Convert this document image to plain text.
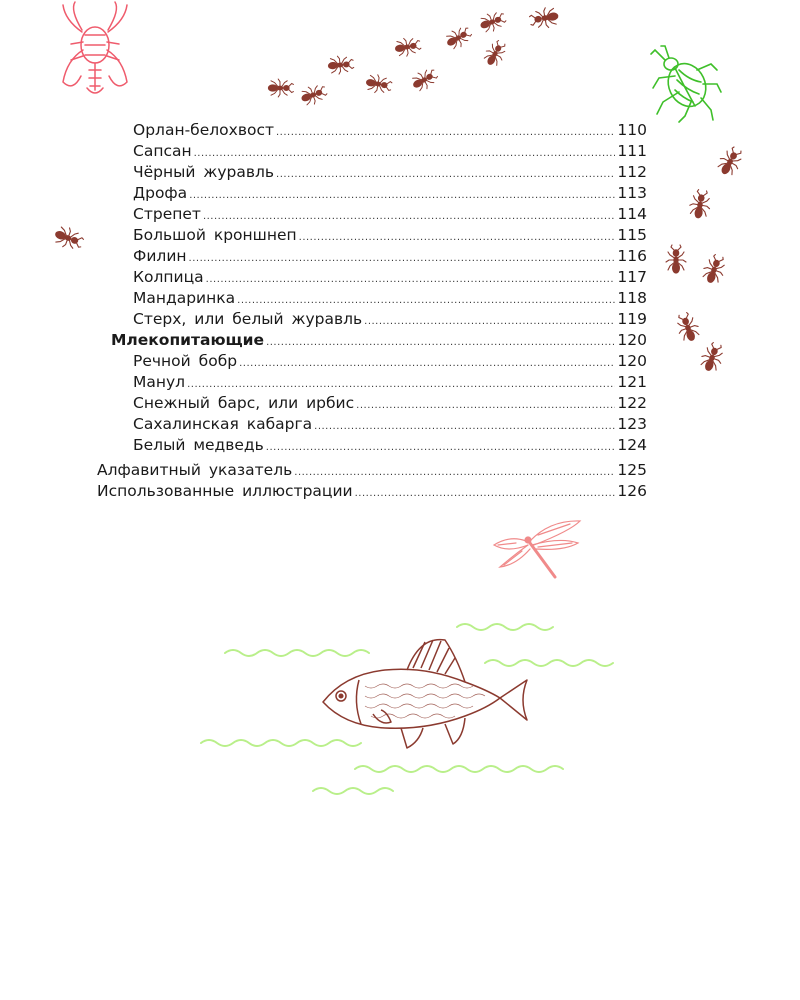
Орлан-белохвост .....	110
Сапсан .....	111
Чёрный журавль .....	112
Дрофа .....	113
Стрепет .....	114
Большой кроншнеп .....	115
Филин .....	116
Колпица .....	117
Мандаринка .....	118
Стерх, или белый журавль .....	119
Млекопитающие .....	120
Речной бобр .....	120
Манул .....	121
Снежный барс, или ирбис .....	122
Сахалинская кабарга .....	123
Белый медведь .....	124
Алфавитный указатель .....	125
Использованные иллюстрации .....	126
